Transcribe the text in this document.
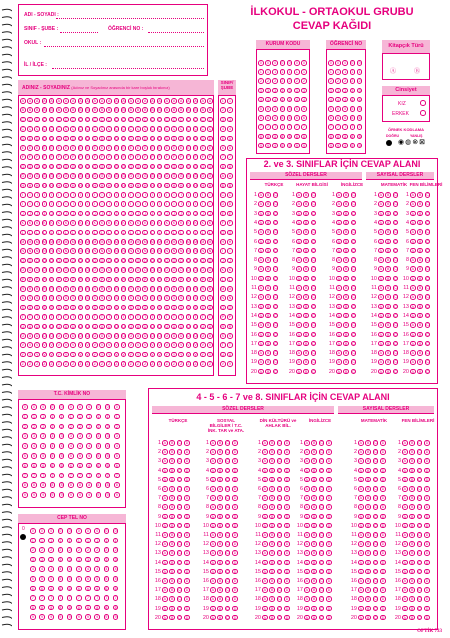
ADI - SOYADI :
SINIF - ŞUBE :	ÖĞRENCİ NO :
OKUL :
İL / İLÇE :
İLKOKUL - ORTAOKUL GRUBU
CEVAP KAĞIDI
ADINIZ - SOYADINIZ (Adınız ve Soyadınız arasında bir kare boşluk bırakınız)
A
B
C
Ç
D
E
F
G
Ğ
H
I
İ
J
K
L
M
N
O
Ö
P
R
S
Ş
T
U
Ü
V
Y
Z
A
B
C
Ç
D
E
F
G
Ğ
H
I
İ
J
K
L
M
N
O
Ö
P
R
S
Ş
T
U
Ü
V
Y
Z
A
B
C
Ç
D
E
F
G
Ğ
H
I
İ
J
K
L
M
N
O
Ö
P
R
S
Ş
T
U
Ü
V
Y
Z
A
B
C
Ç
D
E
F
G
Ğ
H
I
İ
J
K
L
M
N
O
Ö
P
R
S
Ş
T
U
Ü
V
Y
Z
A
B
C
Ç
D
E
F
G
Ğ
H
I
İ
J
K
L
M
N
O
Ö
P
R
S
Ş
T
U
Ü
V
Y
Z
A
B
C
Ç
D
E
F
G
Ğ
H
I
İ
J
K
L
M
N
O
Ö
P
R
S
Ş
T
U
Ü
V
Y
Z
A
B
C
Ç
D
E
F
G
Ğ
H
I
İ
J
K
L
M
N
O
Ö
P
R
S
Ş
T
U
Ü
V
Y
Z
A
B
C
Ç
D
E
F
G
Ğ
H
I
İ
J
K
L
M
N
O
Ö
P
R
S
Ş
T
U
Ü
V
Y
Z
A
B
C
Ç
D
E
F
G
Ğ
H
I
İ
J
K
L
M
N
O
Ö
P
R
S
Ş
T
U
Ü
V
Y
Z
A
B
C
Ç
D
E
F
G
Ğ
H
I
İ
J
K
L
M
N
O
Ö
P
R
S
Ş
T
U
Ü
V
Y
Z
A
B
C
Ç
D
E
F
G
Ğ
H
I
İ
J
K
L
M
N
O
Ö
P
R
S
Ş
T
U
Ü
V
Y
Z
A
B
C
Ç
D
E
F
G
Ğ
H
I
İ
J
K
L
M
N
O
Ö
P
R
S
Ş
T
U
Ü
V
Y
Z
A
B
C
Ç
D
E
F
G
Ğ
H
I
İ
J
K
L
M
N
O
Ö
P
R
S
Ş
T
U
Ü
V
Y
Z
A
B
C
Ç
D
E
F
G
Ğ
H
I
İ
J
K
L
M
N
O
Ö
P
R
S
Ş
T
U
Ü
V
Y
Z
A
B
C
Ç
D
E
F
G
Ğ
H
I
İ
J
K
L
M
N
O
Ö
P
R
S
Ş
T
U
Ü
V
Y
Z
A
B
C
Ç
D
E
F
G
Ğ
H
I
İ
J
K
L
M
N
O
Ö
P
R
S
Ş
T
U
Ü
V
Y
Z
A
B
C
Ç
D
E
F
G
Ğ
H
I
İ
J
K
L
M
N
O
Ö
P
R
S
Ş
T
U
Ü
V
Y
Z
A
B
C
Ç
D
E
F
G
Ğ
H
I
İ
J
K
L
M
N
O
Ö
P
R
S
Ş
T
U
Ü
V
Y
Z
A
B
C
Ç
D
E
F
G
Ğ
H
I
İ
J
K
L
M
N
O
Ö
P
R
S
Ş
T
U
Ü
V
Y
Z
A
B
C
Ç
D
E
F
G
Ğ
H
I
İ
J
K
L
M
N
O
Ö
P
R
S
Ş
T
U
Ü
V
Y
Z
A
B
C
Ç
D
E
F
G
Ğ
H
I
İ
J
K
L
M
N
O
Ö
P
R
S
Ş
T
U
Ü
V
Y
Z
A
B
C
Ç
D
E
F
G
Ğ
H
I
İ
J
K
L
M
N
O
Ö
P
R
S
Ş
T
U
Ü
V
Y
Z
A
B
C
Ç
D
E
F
G
Ğ
H
I
İ
J
K
L
M
N
O
Ö
P
R
S
Ş
T
U
Ü
V
Y
Z
A
B
C
Ç
D
E
F
G
Ğ
H
I
İ
J
K
L
M
N
O
Ö
P
R
S
Ş
T
U
Ü
V
Y
Z
A
B
C
Ç
D
E
F
G
Ğ
H
I
İ
J
K
L
M
N
O
Ö
P
R
S
Ş
T
U
Ü
V
Y
Z
A
B
C
Ç
D
E
F
G
Ğ
H
I
İ
J
K
L
M
N
O
Ö
P
R
S
Ş
T
U
Ü
V
Y
Z
A
B
C
Ç
D
E
F
G
Ğ
H
I
İ
J
K
L
M
N
O
Ö
P
R
S
Ş
T
U
Ü
V
Y
Z
SINIF/ ŞUBE
1
2
3
4
5
6
7
8
A
B
C
D
E
F
G
H
I
J
K
L
M
N
O
P
R
S
T
U
V
1
2
3
4
5
6
7
8
A
B
C
D
E
F
G
H
I
J
K
L
M
N
O
P
R
S
T
U
V
KURUM KODU
0
1
2
3
4
5
6
7
8
9
0
1
2
3
4
5
6
7
8
9
0
1
2
3
4
5
6
7
8
9
0
1
2
3
4
5
6
7
8
9
0
1
2
3
4
5
6
7
8
9
0
1
2
3
4
5
6
7
8
9
0
1
2
3
4
5
6
7
8
9
ÖĞRENCİ NO
0
1
2
3
4
5
6
7
8
9
0
1
2
3
4
5
6
7
8
9
0
1
2
3
4
5
6
7
8
9
0
1
2
3
4
5
6
7
8
9
0
1
2
3
4
5
6
7
8
9
Kitapçık Türü
Ⓐ	Ⓑ
Cinsiyet
KIZ
ERKEK
ÖRNEK KODLAMA
DOĞRU	YANLIŞ
◉◍⊗⊠
2. ve 3. SINIFLAR İÇİN CEVAP ALANI
SÖZEL DERSLER	SAYISAL DERSLER
TÜRKÇE
1 A	B	C
2 A	B	C
3 A	B	C
4 A	B	C
5 A	B	C
6 A	B	C
7 A	B	C
8 A	B	C
9 A	B	C
10 A	B	C
11 A	B	C
12 A	B	C
13 A	B	C
14 A	B	C
15 A	B	C
16 A	B	C
17 A	B	C
18 A	B	C
19 A	B	C
20 A	B	C
HAYAT BİLGİSİ
1 A	B	C
2 A	B	C
3 A	B	C
4 A	B	C
5 A	B	C
6 A	B	C
7 A	B	C
8 A	B	C
9 A	B	C
10 A	B	C
11 A	B	C
12 A	B	C
13 A	B	C
14 A	B	C
15 A	B	C
16 A	B	C
17 A	B	C
18 A	B	C
19 A	B	C
20 A	B	C
İNGİLİZCE
1 A	B	C
2 A	B	C
3 A	B	C
4 A	B	C
5 A	B	C
6 A	B	C
7 A	B	C
8 A	B	C
9 A	B	C
10 A	B	C
11 A	B	C
12 A	B	C
13 A	B	C
14 A	B	C
15 A	B	C
16 A	B	C
17 A	B	C
18 A	B	C
19 A	B	C
20 A	B	C
MATEMATİK
1 A	B	C
2 A	B	C
3 A	B	C
4 A	B	C
5 A	B	C
6 A	B	C
7 A	B	C
8 A	B	C
9 A	B	C
10 A	B	C
11 A	B	C
12 A	B	C
13 A	B	C
14 A	B	C
15 A	B	C
16 A	B	C
17 A	B	C
18 A	B	C
19 A	B	C
20 A	B	C
FEN BİLİMLERİ
1 A	B	C
2 A	B	C
3 A	B	C
4 A	B	C
5 A	B	C
6 A	B	C
7 A	B	C
8 A	B	C
9 A	B	C
10 A	B	C
11 A	B	C
12 A	B	C
13 A	B	C
14 A	B	C
15 A	B	C
16 A	B	C
17 A	B	C
18 A	B	C
19 A	B	C
20 A	B	C
T.C. KİMLİK NO
0
1
2
3
4
5
6
7
8
9
0
1
2
3
4
5
6
7
8
9
0
1
2
3
4
5
6
7
8
9
0
1
2
3
4
5
6
7
8
9
0
1
2
3
4
5
6
7
8
9
0
1
2
3
4
5
6
7
8
9
0
1
2
3
4
5
6
7
8
9
0
1
2
3
4
5
6
7
8
9
0
1
2
3
4
5
6
7
8
9
0
1
2
3
4
5
6
7
8
9
0
1
2
3
4
5
6
7
8
9
CEP TEL NO
0	0
1
2
3
4
5
6
7
8
9
0
1
2
3
4
5
6
7
8
9
0
1
2
3
4
5
6
7
8
9
0
1
2
3
4
5
6
7
8
9
0
1
2
3
4
5
6
7
8
9
0
1
2
3
4
5
6
7
8
9
0
1
2
3
4
5
6
7
8
9
0
1
2
3
4
5
6
7
8
9
0
1
2
3
4
5
6
7
8
9
0
1
2
3
4
5
6
7
8
9
4 - 5 - 6 - 7 ve 8. SINIFLAR İÇİN CEVAP ALANI
SÖZEL DERSLER	SAYISAL DERSLER
TÜRKÇE
1 A	B	C	D
2 A	B	C	D
3 A	B	C	D
4 A	B	C	D
5 A	B	C	D
6 A	B	C	D
7 A	B	C	D
8 A	B	C	D
9 A	B	C	D
10 A	B	C	D
11 A	B	C	D
12 A	B	C	D
13 A	B	C	D
14 A	B	C	D
15 A	B	C	D
16 A	B	C	D
17 A	B	C	D
18 A	B	C	D
19 A	B	C	D
20 A	B	C	D
SOSYAL BİLGİLER / T.C. İNK. TAR ve ATA.
1 A	B	C	D
2 A	B	C	D
3 A	B	C	D
4 A	B	C	D
5 A	B	C	D
6 A	B	C	D
7 A	B	C	D
8 A	B	C	D
9 A	B	C	D
10 A	B	C	D
11 A	B	C	D
12 A	B	C	D
13 A	B	C	D
14 A	B	C	D
15 A	B	C	D
16 A	B	C	D
17 A	B	C	D
18 A	B	C	D
19 A	B	C	D
20 A	B	C	D
DİN KÜLTÜRÜ ve AHLAK BİL.
1 A	B	C	D
2 A	B	C	D
3 A	B	C	D
4 A	B	C	D
5 A	B	C	D
6 A	B	C	D
7 A	B	C	D
8 A	B	C	D
9 A	B	C	D
10 A	B	C	D
11 A	B	C	D
12 A	B	C	D
13 A	B	C	D
14 A	B	C	D
15 A	B	C	D
16 A	B	C	D
17 A	B	C	D
18 A	B	C	D
19 A	B	C	D
20 A	B	C	D
İNGİLİZCE
1 A	B	C	D
2 A	B	C	D
3 A	B	C	D
4 A	B	C	D
5 A	B	C	D
6 A	B	C	D
7 A	B	C	D
8 A	B	C	D
9 A	B	C	D
10 A	B	C	D
11 A	B	C	D
12 A	B	C	D
13 A	B	C	D
14 A	B	C	D
15 A	B	C	D
16 A	B	C	D
17 A	B	C	D
18 A	B	C	D
19 A	B	C	D
20 A	B	C	D
MATEMATİK
1 A	B	C	D
2 A	B	C	D
3 A	B	C	D
4 A	B	C	D
5 A	B	C	D
6 A	B	C	D
7 A	B	C	D
8 A	B	C	D
9 A	B	C	D
10 A	B	C	D
11 A	B	C	D
12 A	B	C	D
13 A	B	C	D
14 A	B	C	D
15 A	B	C	D
16 A	B	C	D
17 A	B	C	D
18 A	B	C	D
19 A	B	C	D
20 A	B	C	D
FEN BİLİMLERİ
1 A	B	C	D
2 A	B	C	D
3 A	B	C	D
4 A	B	C	D
5 A	B	C	D
6 A	B	C	D
7 A	B	C	D
8 A	B	C	D
9 A	B	C	D
10 A	B	C	D
11 A	B	C	D
12 A	B	C	D
13 A	B	C	D
14 A	B	C	D
15 A	B	C	D
16 A	B	C	D
17 A	B	C	D
18 A	B	C	D
19 A	B	C	D
20 A	B	C	D
OPTİK 733
